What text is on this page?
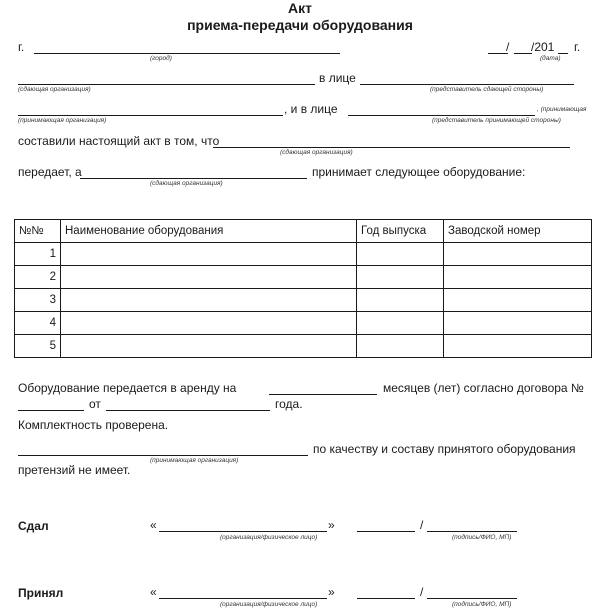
Акт
приема-передачи оборудования
г.
(город)
/ /201 г.
(дата)
в лице
(сдающая организация)	(представитель сдающей стороны)
, и в лице	, (принимающая
(принимающая организация)	(представитель принимающей стороны)
составили настоящий акт в том, что
(сдающая организация)
передает, а	принимает следующее оборудование:
(сдающая организация)
№№	Наименование оборудования	Год выпуска	Заводской номер
1			
2			
3			
4			
5			
Оборудование передается в аренду на	месяцев (лет) согласно договора №
от	года.
Комплектность проверена.
по качеству и составу принятого оборудования
(принимающая организация)
претензий не имеет.
Сдал	«	»	/
(организация/физическое лицо)	(подпись/ФИО, МП)
Принял	«	»	/
(организация/физическое лицо)	(подпись/ФИО, МП)
